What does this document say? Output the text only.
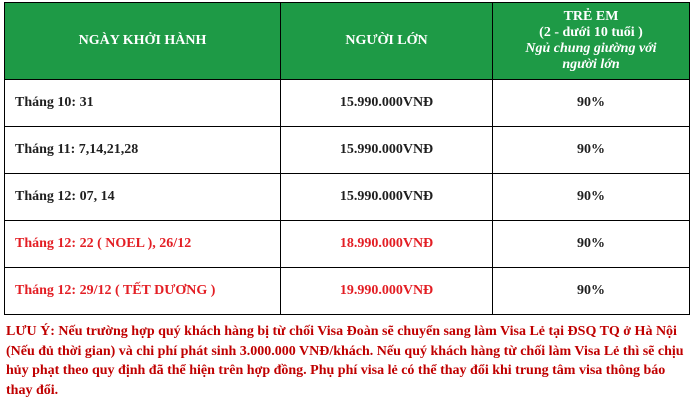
NGÀY KHỞI HÀNH	NGƯỜI LỚN	TRẺ EM
(2 - dưới 10 tuổi )
Ngủ chung giường với
người lớn

Tháng 10: 31	15.990.000VNĐ	90%
Tháng 11: 7,14,21,28	15.990.000VNĐ	90%
Tháng 12: 07, 14	15.990.000VNĐ	90%
Tháng 12: 22 ( NOEL ), 26/12	18.990.000VNĐ	90%
Tháng 12: 29/12 ( TẾT DƯƠNG )	19.990.000VNĐ	90%

LƯU Ý: Nếu trường hợp quý khách hàng bị từ chối Visa Đoàn sẽ chuyển sang làm Visa Lẻ tại ĐSQ TQ ở Hà Nội (Nếu đủ thời gian) và chi phí phát sinh 3.000.000 VNĐ/khách. Nếu quý khách hàng từ chối làm Visa Lẻ thì sẽ chịu hủy phạt theo quy định đã thể hiện trên hợp đồng. Phụ phí visa lẻ có thể thay đổi khi trung tâm visa thông báo thay đổi.
